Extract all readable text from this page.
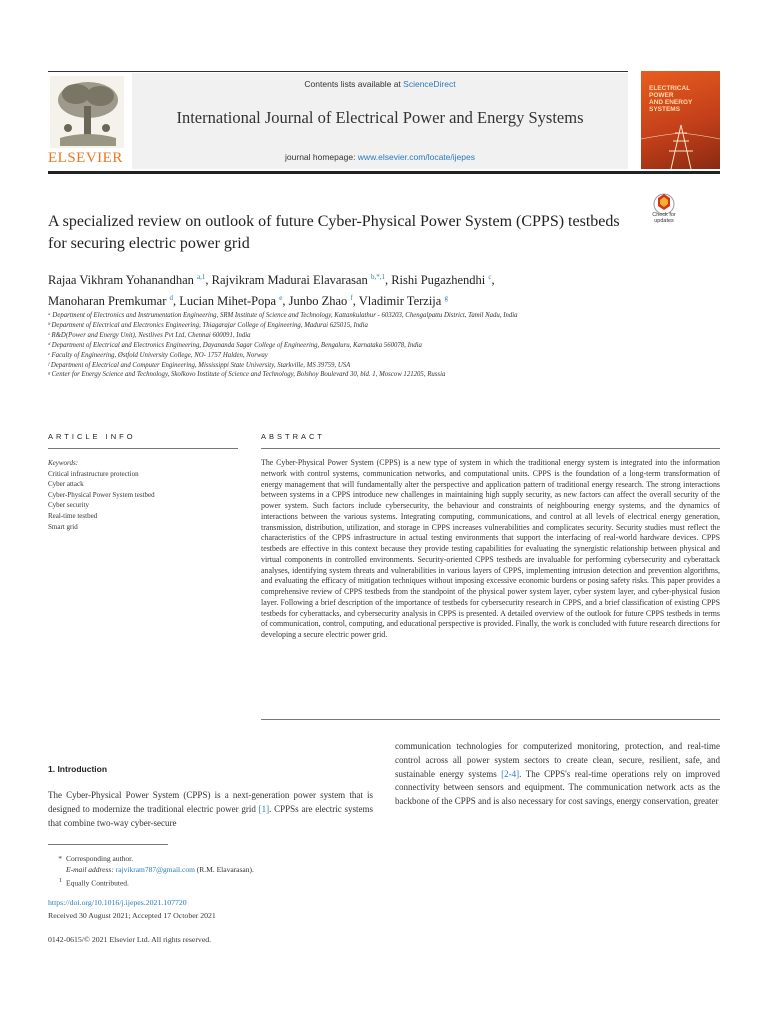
ELSEVIER
Contents lists available at ScienceDirect
International Journal of Electrical Power and Energy Systems
journal homepage: www.elsevier.com/locate/ijepes
ELECTRICAL
POWER
AND ENERGY
SYSTEMS
Check for
updates
A specialized review on outlook of future Cyber-Physical Power System (CPPS) testbeds for securing electric power grid
Rajaa Vikhram Yohanandhan $^{a,1}$, Rajvikram Madurai Elavarasan $^{b,*,1}$, Rishi Pugazhendhi $^c$,
Manoharan Premkumar $^d$, Lucian Mihet-Popa $^e$, Junbo Zhao $^f$, Vladimir Terzija $^g$
ᵃ Department of Electronics and Instrumentation Engineering, SRM Institute of Science and Technology, Kattankulathur - 603203, Chengalpattu District, Tamil Nadu, India
ᵇ Department of Electrical and Electronics Engineering, Thiagarajar College of Engineering, Madurai 625015, India
ᶜ R&D(Power and Energy Unit), Nestlives Pvt Ltd, Chennai 600091, India
ᵈ Department of Electrical and Electronics Engineering, Dayananda Sagar College of Engineering, Bengaluru, Karnataka 560078, India
ᵉ Faculty of Engineering, Østfold University College, NO- 1757 Halden, Norway
ᶠ Department of Electrical and Computer Engineering, Mississippi State University, Starkville, MS 39759, USA
ᵍ Center for Energy Science and Technology, Skolkovo Institute of Science and Technology, Bolshoy Boulevard 30, bld. 1, Moscow 121205, Russia
ARTICLE INFO	ABSTRACT
Keywords:
Critical infrastructure protection
Cyber attack
Cyber-Physical Power System testbed
Cyber security
Real-time testbed
Smart grid
The Cyber-Physical Power System (CPPS) is a new type of system in which the traditional energy system is integrated into the information network with control systems, communication networks, and computational units. CPPS is the foundation of a long-term transformation of energy management that will fundamentally alter the perspective and application pattern of traditional energy research. The strong interactions between systems in a CPPS introduce new challenges in maintaining high supply security, as new factors can affect the overall security of the power system. Such factors include cybersecurity, the behaviour and constraints of neighbouring energy systems, and the dynamics of interactions between the various systems. Integrating computing, communications, and control at all levels of electrical energy generation, transmission, distribution, utilization, and storage in CPPS increases vulnerabilities and complicates security. Security studies must reflect the characteristics of the CPPS infrastructure in actual testing environments that support the interfacing of real-world hardware devices. CPPS testbeds are effective in this context because they provide testing capabilities for evaluating the synergistic relationship between physical and virtual components in controlled environments. Security-oriented CPPS testbeds are invaluable for performing cybersecurity and cyberattack analyses, identifying system threats and vulnerabilities in various layers of CPPS, implementing intrusion detection and prevention algorithms, and evaluating the efficacy of mitigation techniques without imposing excessive economic burdens or posing safety risks. This paper provides a comprehensive review of CPPS testbeds from the standpoint of the physical power system layer, cyber system layer, and cyber-physical fusion layer. Following a brief description of the importance of testbeds for cybersecurity research in CPPS, and a brief classification of existing CPPS testbeds for cyberattacks, and cybersecurity analysis in CPPS is presented. A detailed overview of the outlook for future CPPS testbeds in terms of communication, control, computing, and educational perspective is provided. Finally, the work is concluded with future research directions for developing a secure electric power grid.
1. Introduction
The Cyber-Physical Power System (CPPS) is a next-generation power system that is designed to modernize the traditional electric power grid [1]. CPPSs are electric systems that combine two-way cyber-secure
communication technologies for computerized monitoring, protection, and real-time control across all power system sectors to create clean, secure, resilient, safe, and sustainable energy systems [2-4]. The CPPS's real-time operations rely on improved connectivity between sensors and equipment. The communication network acts as the backbone of the CPPS and is also necessary for cost savings, energy conservation, greater
* Corresponding author.
E-mail address: rajvikram787@gmail.com (R.M. Elavarasan).
1 Equally Contributed.
https://doi.org/10.1016/j.ijepes.2021.107720
Received 30 August 2021; Accepted 17 October 2021
0142-0615/© 2021 Elsevier Ltd. All rights reserved.
